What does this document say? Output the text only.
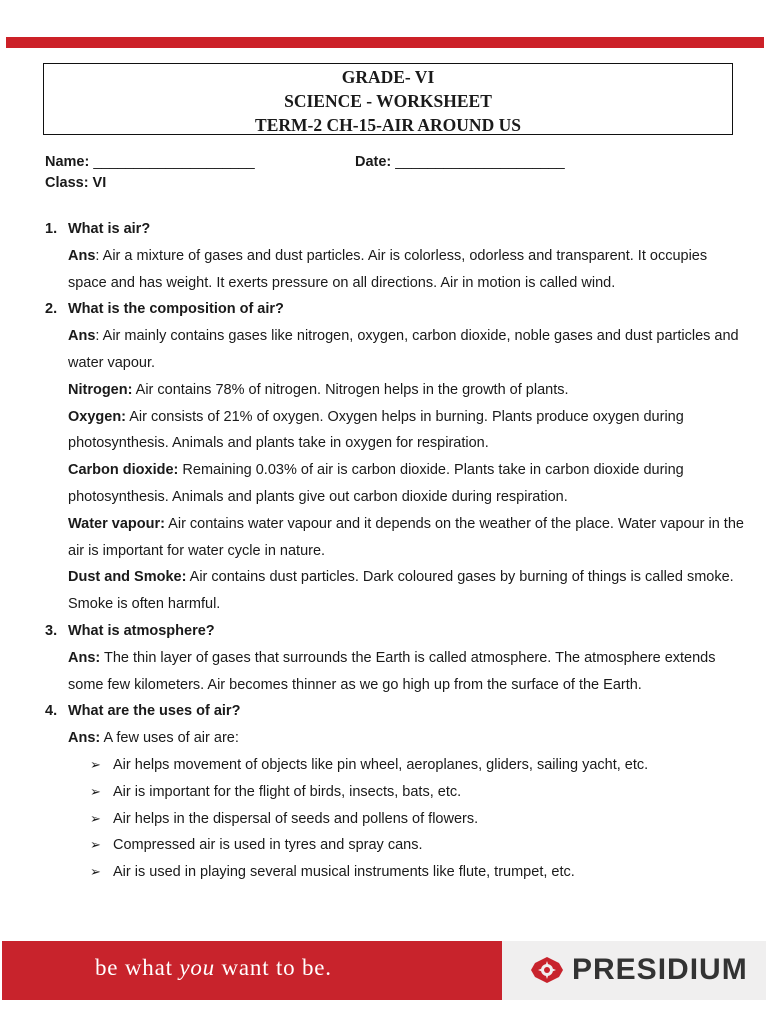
GRADE- VI
SCIENCE - WORKSHEET
TERM-2 CH-15-AIR AROUND US
Name: ____________________	Date: _____________________
Class: VI
1. What is air?
Ans: Air a mixture of gases and dust particles. Air is colorless, odorless and transparent. It occupies space and has weight. It exerts pressure on all directions. Air in motion is called wind.
2. What is the composition of air?
Ans: Air mainly contains gases like nitrogen, oxygen, carbon dioxide, noble gases and dust particles and water vapour.
Nitrogen: Air contains 78% of nitrogen. Nitrogen helps in the growth of plants.
Oxygen: Air consists of 21% of oxygen. Oxygen helps in burning. Plants produce oxygen during photosynthesis. Animals and plants take in oxygen for respiration.
Carbon dioxide: Remaining 0.03% of air is carbon dioxide. Plants take in carbon dioxide during photosynthesis. Animals and plants give out carbon dioxide during respiration.
Water vapour: Air contains water vapour and it depends on the weather of the place. Water vapour in the air is important for water cycle in nature.
Dust and Smoke: Air contains dust particles. Dark coloured gases by burning of things is called smoke. Smoke is often harmful.
3. What is atmosphere?
Ans: The thin layer of gases that surrounds the Earth is called atmosphere. The atmosphere extends some few kilometers. Air becomes thinner as we go high up from the surface of the Earth.
4. What are the uses of air?
Ans: A few uses of air are:
➢ Air helps movement of objects like pin wheel, aeroplanes, gliders, sailing yacht, etc.
➢ Air is important for the flight of birds, insects, bats, etc.
➢ Air helps in the dispersal of seeds and pollens of flowers.
➢ Compressed air is used in tyres and spray cans.
➢ Air is used in playing several musical instruments like flute, trumpet, etc.
be what you want to be.	PRESIDIUM
